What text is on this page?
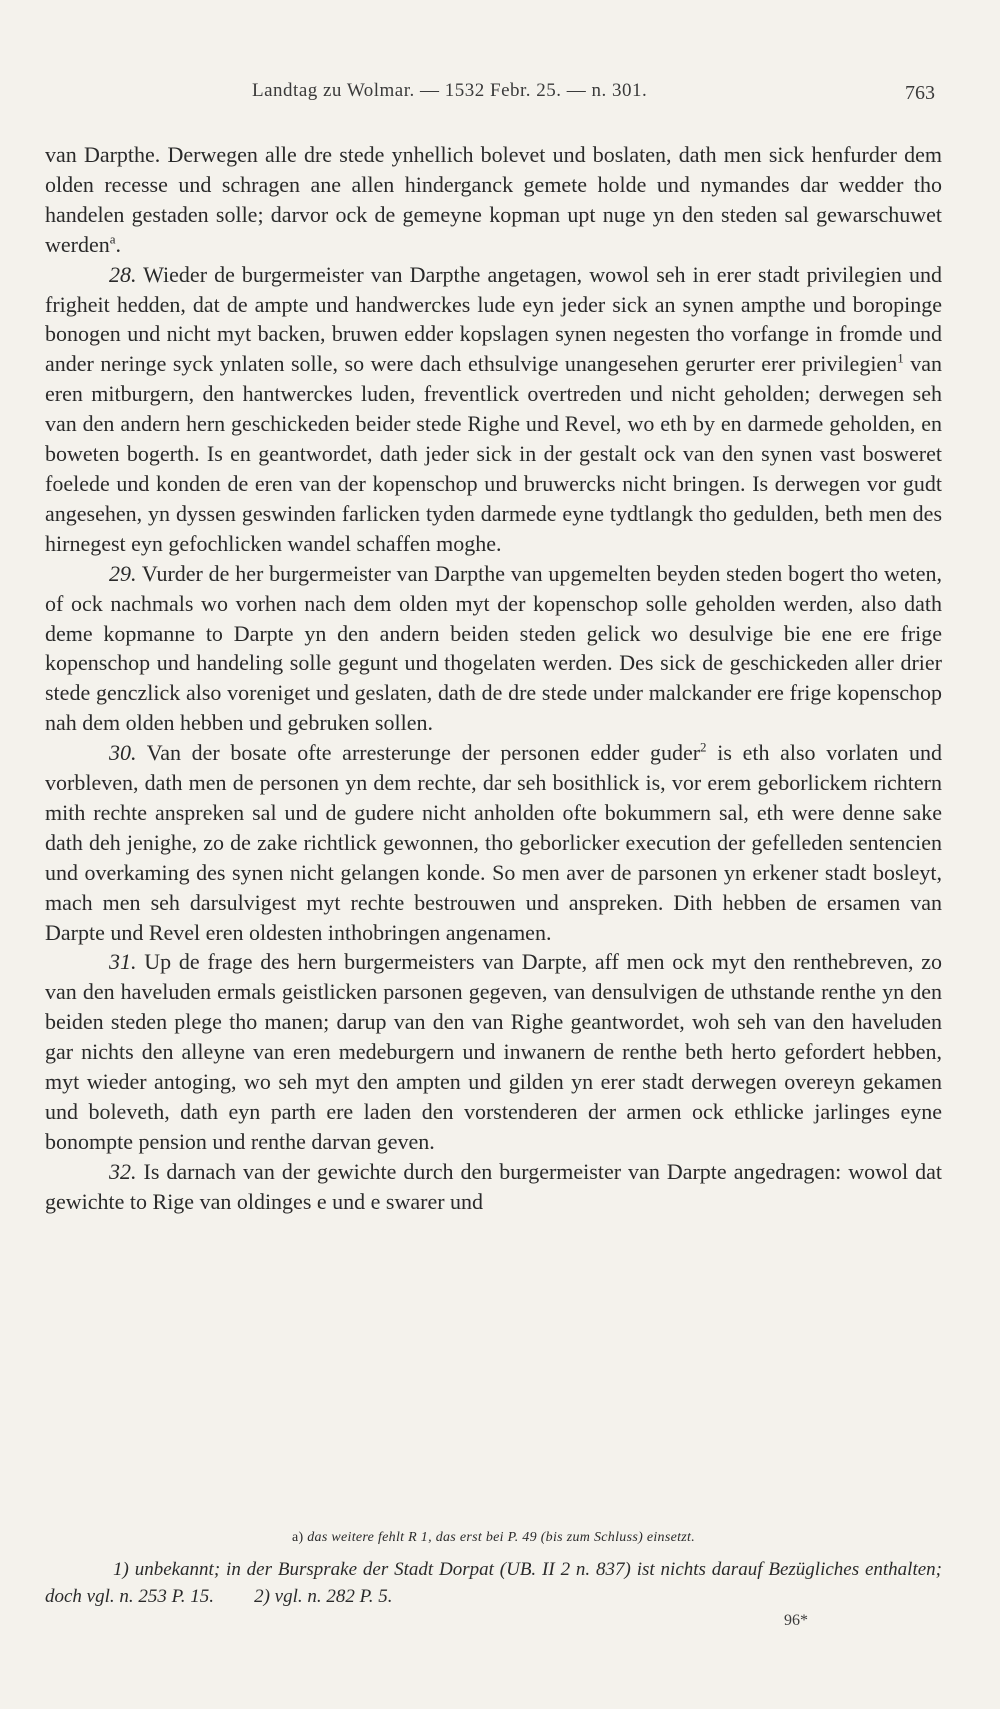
Landtag zu Wolmar. — 1532 Febr. 25. — n. 301.	763

van Darpthe. Derwegen alle dre stede ynhellich bolevet und boslaten, dath men sick henfurder dem olden recesse und schragen ane allen hinderganck gemete holde und nymandes dar wedder tho handelen gestaden solle; darvor ock de gemeyne kopman upt nuge yn den steden sal gewarschuwet werden$^a$.

28. Wieder de burgermeister van Darpthe angetagen, wowol seh in erer stadt privilegien und frigheit hedden, dat de ampte und handwerckes lude eyn jeder sick an synen ampthe und boropinge bonogen und nicht myt backen, bruwen edder kopslagen synen negesten tho vorfange in fromde und ander neringe syck ynlaten solle, so were dach ethsulvige unangesehen gerurter erer privilegien$^1$ van eren mitburgern, den hantwerckes luden, freventlick overtreden und nicht geholden; derwegen seh van den andern hern geschickeden beider stede Righe und Revel, wo eth by en darmede geholden, en boweten bogerth. Is en geantwordet, dath jeder sick in der gestalt ock van den synen vast bosweret foelede und konden de eren van der kopenschop und bruwercks nicht bringen. Is derwegen vor gudt angesehen, yn dyssen geswinden farlicken tyden darmede eyne tydtlangk tho gedulden, beth men des hirnegest eyn gefochlicken wandel schaffen moghe.

29. Vurder de her burgermeister van Darpthe van upgemelten beyden steden bogert tho weten, of ock nachmals wo vorhen nach dem olden myt der kopenschop solle geholden werden, also dath deme kopmanne to Darpte yn den andern beiden steden gelick wo desulvige bie ene ere frige kopenschop und handeling solle gegunt und thogelaten werden. Des sick de geschickeden aller drier stede genczlick also voreniget und geslaten, dath de dre stede under malckander ere frige kopenschop nah dem olden hebben und gebruken sollen.

30. Van der bosate ofte arresterunge der personen edder guder$^2$ is eth also vorlaten und vorbleven, dath men de personen yn dem rechte, dar seh bosithlick is, vor erem geborlickem richtern mith rechte anspreken sal und de gudere nicht anholden ofte bokummern sal, eth were denne sake dath deh jenighe, zo de zake richtlick gewonnen, tho geborlicker execution der gefelleden sentencien und overkaming des synen nicht gelangen konde. So men aver de parsonen yn erkener stadt bosleyt, mach men seh darsulvigest myt rechte bestrouwen und anspreken. Dith hebben de ersamen van Darpte und Revel eren oldesten inthobringen angenamen.

31. Up de frage des hern burgermeisters van Darpte, aff men ock myt den renthebreven, zo van den haveluden ermals geistlicken parsonen gegeven, van densulvigen de uthstande renthe yn den beiden steden plege tho manen; darup van den van Righe geantwordet, woh seh van den haveluden gar nichts den alleyne van eren medeburgern und inwanern de renthe beth herto gefordert hebben, myt wieder antoging, wo seh myt den ampten und gilden yn erer stadt derwegen overeyn gekamen und boleveth, dath eyn parth ere laden den vorstenderen der armen ock ethlicke jarlinges eyne bonompte pension und renthe darvan geven.

32. Is darnach van der gewichte durch den burgermeister van Darpte angedragen: wowol dat gewichte to Rige van oldinges e und e swarer und

a) das weitere fehlt R 1, das erst bei P. 49 (bis zum Schluss) einsetzt.
1) unbekannt; in der Bursprake der Stadt Dorpat (UB. II 2 n. 837) ist nichts darauf Bezügliches enthalten; doch vgl. n. 253 P. 15. 2) vgl. n. 282 P. 5.
96*
